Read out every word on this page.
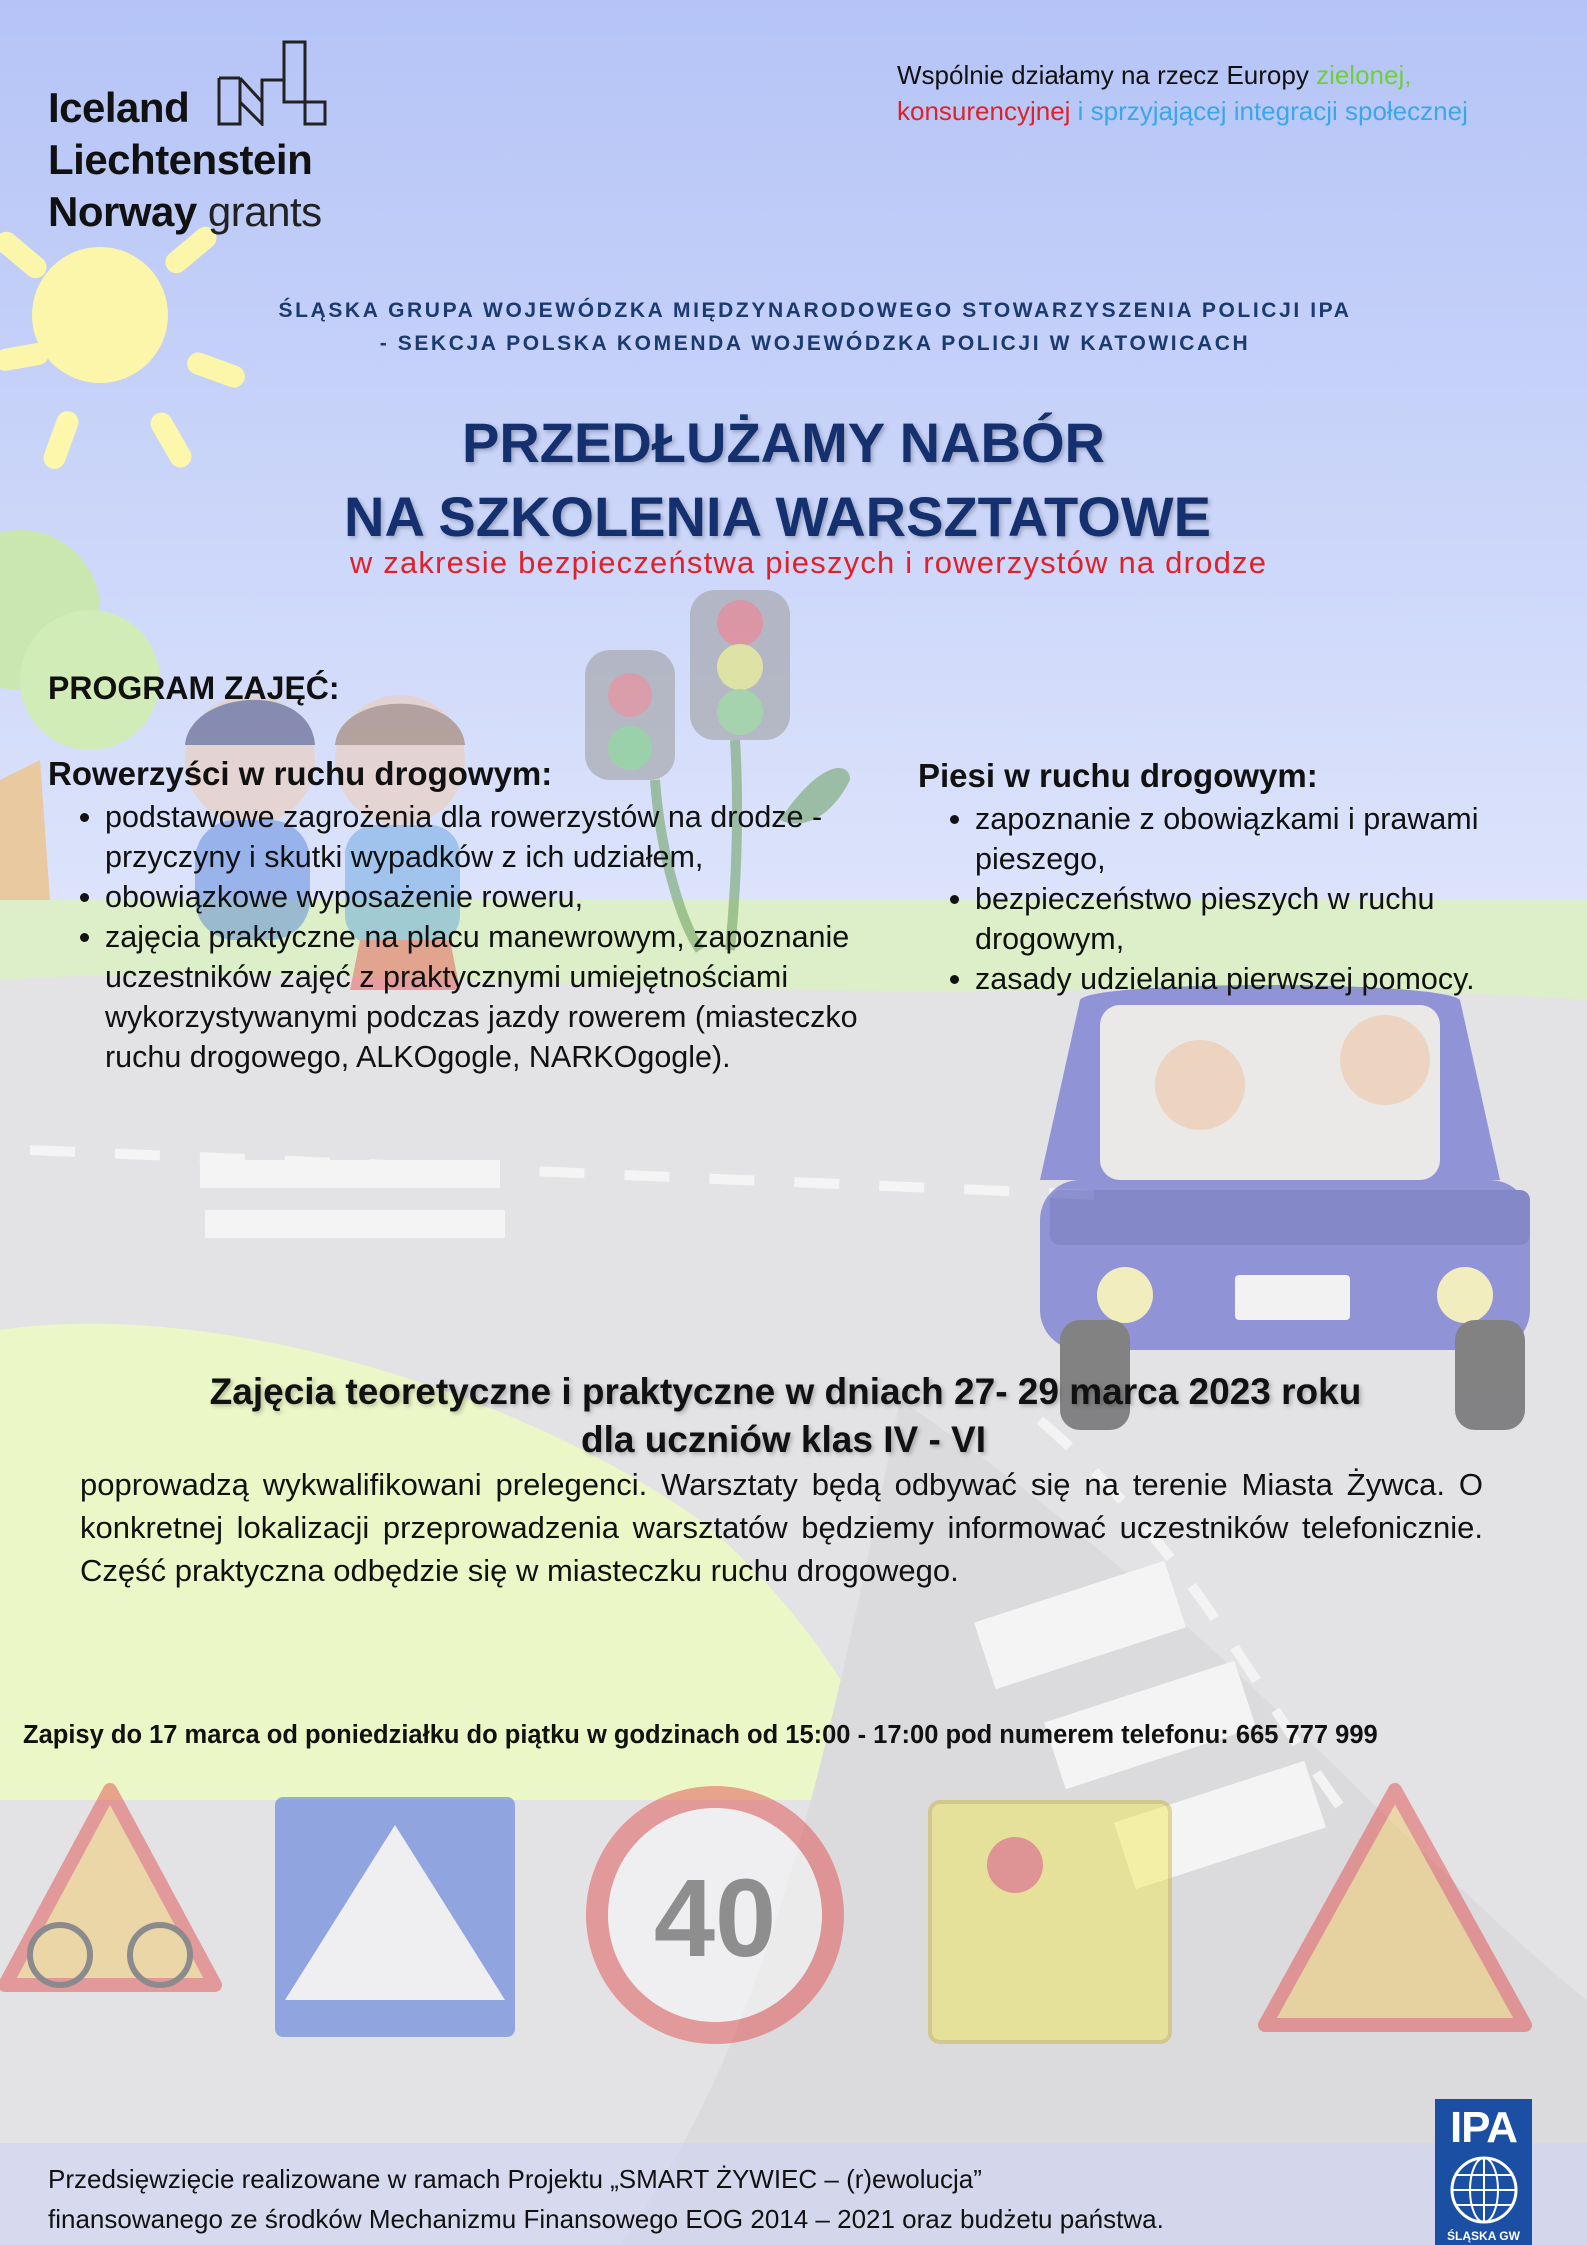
40
Iceland
Liechtenstein
Norway grants
Wspólnie działamy na rzecz Europy zielonej,
konsurencyjnej i sprzyjającej integracji społecznej
ŚLĄSKA GRUPA WOJEWÓDZKA MIĘDZYNARODOWEGO STOWARZYSZENIA POLICJI IPA
- SEKCJA POLSKA KOMENDA WOJEWÓDZKA POLICJI W KATOWICACH
PRZEDŁUŻAMY NABÓR
NA SZKOLENIA WARSZTATOWE
w zakresie bezpieczeństwa pieszych i rowerzystów na drodze
PROGRAM ZAJĘĆ:
Rowerzyści w ruchu drogowym:
• podstawowe zagrożenia dla rowerzystów na drodze - przyczyny i skutki wypadków z ich udziałem,
• obowiązkowe wyposażenie roweru,
• zajęcia praktyczne na placu manewrowym, zapoznanie uczestników zajęć z praktycznymi umiejętnościami wykorzystywanymi podczas jazdy rowerem (miasteczko ruchu drogowego, ALKOgogle, NARKOgogle).
Piesi w ruchu drogowym:
• zapoznanie z obowiązkami i prawami pieszego,
• bezpieczeństwo pieszych w ruchu drogowym,
• zasady udzielania pierwszej pomocy.
Zajęcia teoretyczne i praktyczne w dniach 27- 29 marca 2023 roku
dla uczniów klas IV - VI
poprowadzą wykwalifikowani prelegenci. Warsztaty będą odbywać się na terenie Miasta Żywca. O konkretnej lokalizacji przeprowadzenia warsztatów będziemy informować uczestników telefonicznie. Część praktyczna odbędzie się w miasteczku ruchu drogowego.
Zapisy do 17 marca od poniedziałku do piątku w godzinach od 15:00 - 17:00 pod numerem telefonu: 665 777 999
Przedsięwzięcie realizowane w ramach Projektu „SMART ŻYWIEC – (r)ewolucja”
finansowanego ze środków Mechanizmu Finansowego EOG 2014 – 2021 oraz budżetu państwa.
IPA
ŚLĄSKA GW
